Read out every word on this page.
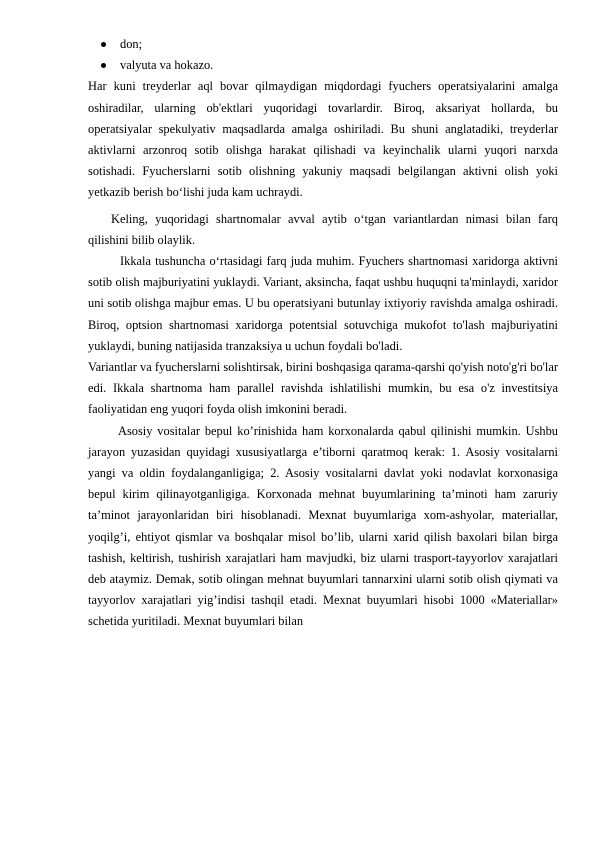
don;
valyuta va hokazo.

Har kuni treyderlar aql bovar qilmaydigan miqdordagi fyuchers operatsiyalarini amalga oshiradilar, ularning ob'ektlari yuqoridagi tovarlardir. Biroq, aksariyat hollarda, bu operatsiyalar spekulyativ maqsadlarda amalga oshiriladi. Bu shuni anglatadiki, treyderlar aktivlarni arzonroq sotib olishga harakat qilishadi va keyinchalik ularni yuqori narxda sotishadi. Fyucherslarni sotib olishning yakuniy maqsadi belgilangan aktivni olish yoki yetkazib berish bo‘lishi juda kam uchraydi.

Keling, yuqoridagi shartnomalar avval aytib o‘tgan variantlardan nimasi bilan farq qilishini bilib olaylik.

Ikkala tushuncha o‘rtasidagi farq juda muhim. Fyuchers shartnomasi xaridorga aktivni sotib olish majburiyatini yuklaydi. Variant, aksincha, faqat ushbu huquqni ta'minlaydi, xaridor uni sotib olishga majbur emas. U bu operatsiyani butunlay ixtiyoriy ravishda amalga oshiradi. Biroq, optsion shartnomasi xaridorga potentsial sotuvchiga mukofot to'lash majburiyatini yuklaydi, buning natijasida tranzaksiya u uchun foydali bo'ladi.

Variantlar va fyucherslarni solishtirsak, birini boshqasiga qarama-qarshi qo'yish noto'g'ri bo'lar edi. Ikkala shartnoma ham parallel ravishda ishlatilishi mumkin, bu esa o'z investitsiya faoliyatidan eng yuqori foyda olish imkonini beradi.

Asosiy vositalar bepul ko’rinishida ham korxonalarda qabul qilinishi mumkin. Ushbu jarayon yuzasidan quyidagi xususiyatlarga e’tiborni qaratmoq kerak: 1. Asosiy vositalarni yangi va oldin foydalanganligiga; 2. Asosiy vositalarni davlat yoki nodavlat korxonasiga bepul kirim qilinayotganligiga. Korxonada mehnat buyumlarining ta’minoti ham zaruriy ta’minot jarayonlaridan biri hisoblanadi. Mexnat buyumlariga xom-ashyolar, materiallar, yoqilg’i, ehtiyot qismlar va boshqalar misol bo’lib, ularni xarid qilish baxolari bilan birga tashish, keltirish, tushirish xarajatlari ham mavjudki, biz ularni trasport-tayyorlov xarajatlari deb ataymiz. Demak, sotib olingan mehnat buyumlari tannarxini ularni sotib olish qiymati va tayyorlov xarajatlari yig’indisi tashqil etadi. Mexnat buyumlari hisobi 1000 «Materiallar» schetida yuritiladi. Mexnat buyumlari bilan
